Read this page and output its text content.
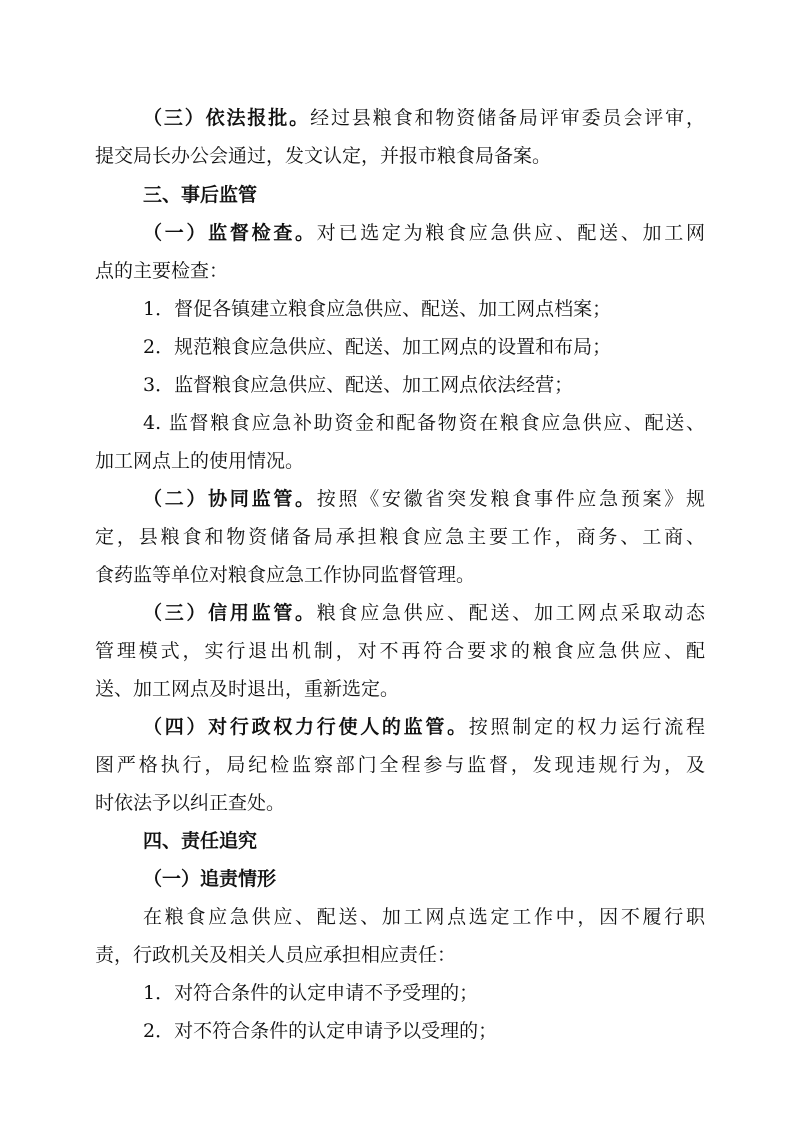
（三）依法报批。经过县粮食和物资储备局评审委员会评审，
提交局长办公会通过，发文认定，并报市粮食局备案。
三、事后监管
（一）监督检查。对已选定为粮食应急供应、配送、加工网
点的主要检查：
1．督促各镇建立粮食应急供应、配送、加工网点档案；
2．规范粮食应急供应、配送、加工网点的设置和布局；
3．监督粮食应急供应、配送、加工网点依法经营；
4. 监督粮食应急补助资金和配备物资在粮食应急供应、配送、
加工网点上的使用情况。
（二）协同监管。按照《安徽省突发粮食事件应急预案》规
定，县粮食和物资储备局承担粮食应急主要工作，商务、工商、
食药监等单位对粮食应急工作协同监督管理。
（三）信用监管。粮食应急供应、配送、加工网点采取动态
管理模式，实行退出机制，对不再符合要求的粮食应急供应、配
送、加工网点及时退出，重新选定。
（四）对行政权力行使人的监管。按照制定的权力运行流程
图严格执行，局纪检监察部门全程参与监督，发现违规行为，及
时依法予以纠正查处。
四、责任追究
（一）追责情形
在粮食应急供应、配送、加工网点选定工作中，因不履行职
责，行政机关及相关人员应承担相应责任：
1．对符合条件的认定申请不予受理的；
2．对不符合条件的认定申请予以受理的；
